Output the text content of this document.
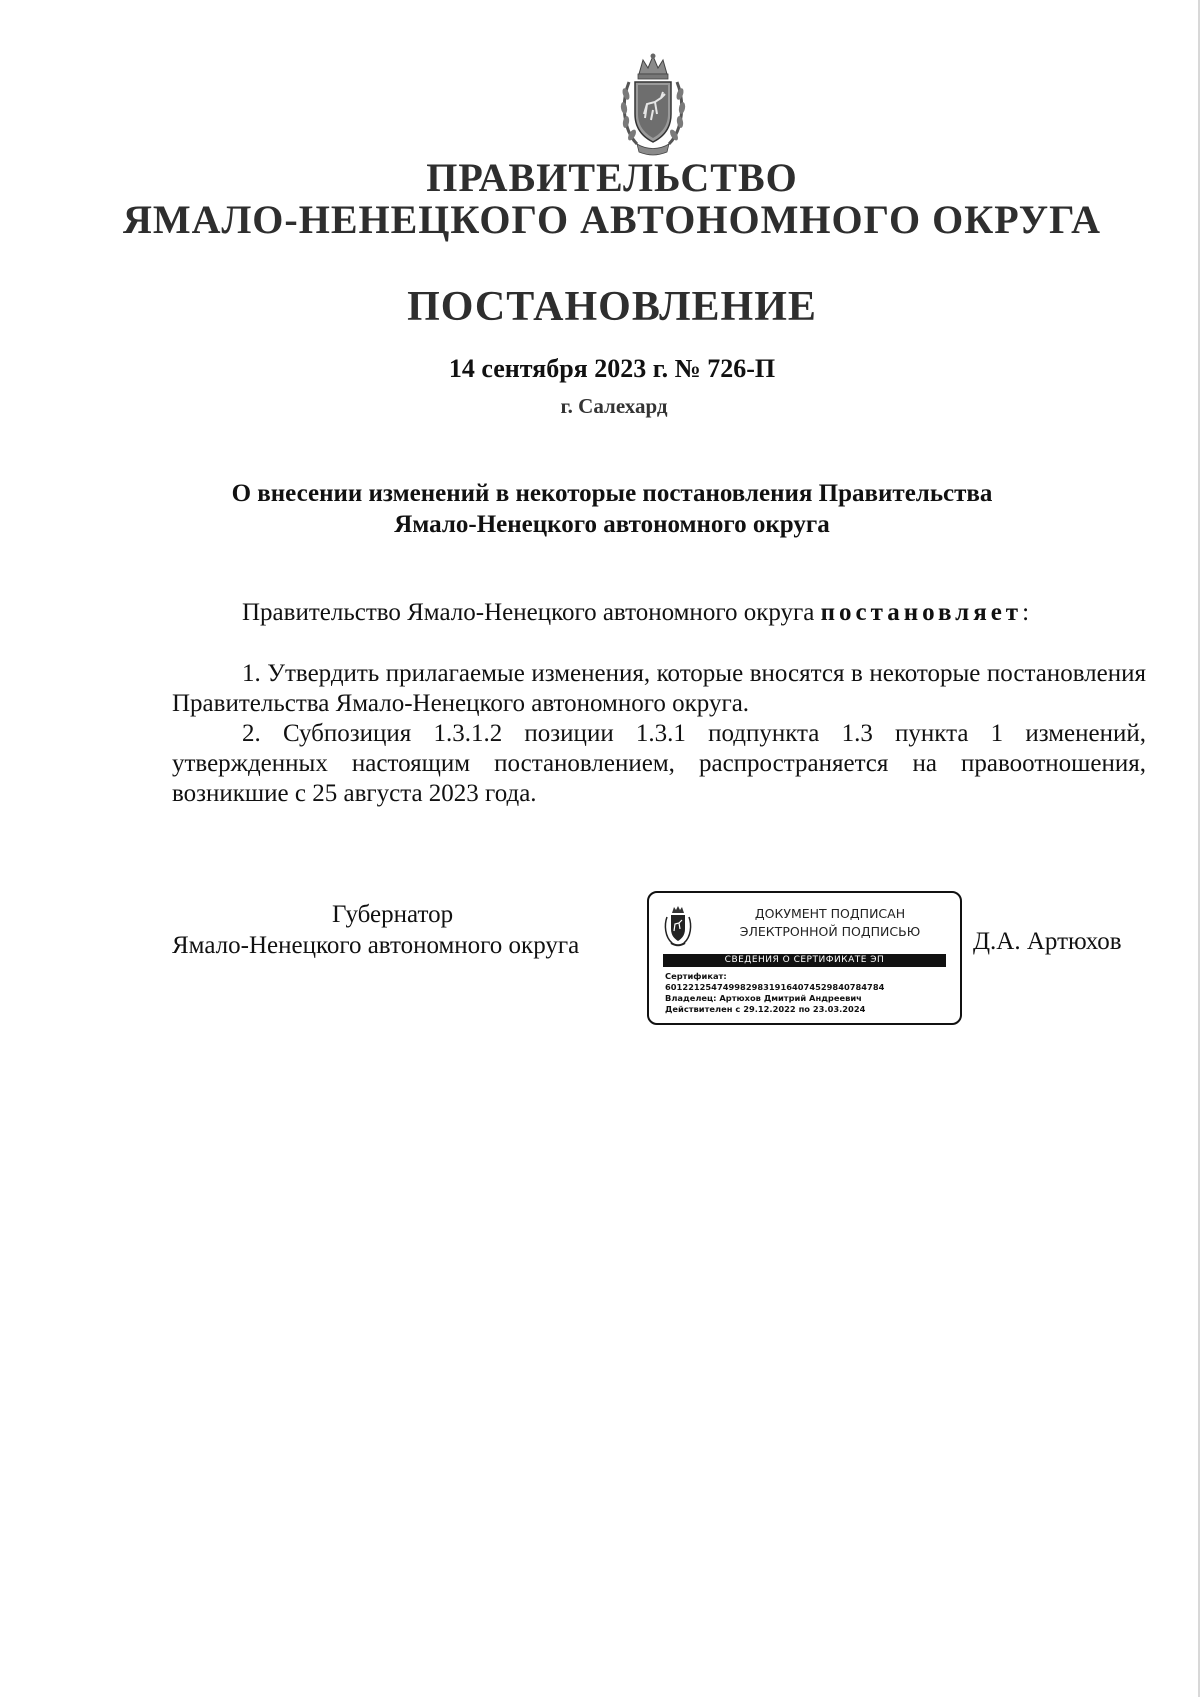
ПРАВИТЕЛЬСТВО
ЯМАЛО-НЕНЕЦКОГО АВТОНОМНОГО ОКРУГА
ПОСТАНОВЛЕНИЕ
14 сентября 2023 г. № 726-П
г. Салехард
О внесении изменений в некоторые постановления Правительства
Ямало-Ненецкого автономного округа
Правительство Ямало-Ненецкого автономного округа постановляет:

1. Утвердить прилагаемые изменения, которые вносятся в некоторые постановления Правительства Ямало-Ненецкого автономного округа.

2. Субпозиция 1.3.1.2 позиции 1.3.1 подпункта 1.3 пункта 1 изменений, утвержденных настоящим постановлением, распространяется на правоотношения, возникшие с 25 августа 2023 года.

Губернатор
Ямало-Ненецкого автономного округа
ДОКУМЕНТ ПОДПИСАН
ЭЛЕКТРОННОЙ ПОДПИСЬЮ
СВЕДЕНИЯ О СЕРТИФИКАТЕ ЭП
Сертификат:
60122125474998298319164074529840784784
Владелец: Артюхов Дмитрий Андреевич
Действителен с 29.12.2022 по 23.03.2024
Д.А. Артюхов
